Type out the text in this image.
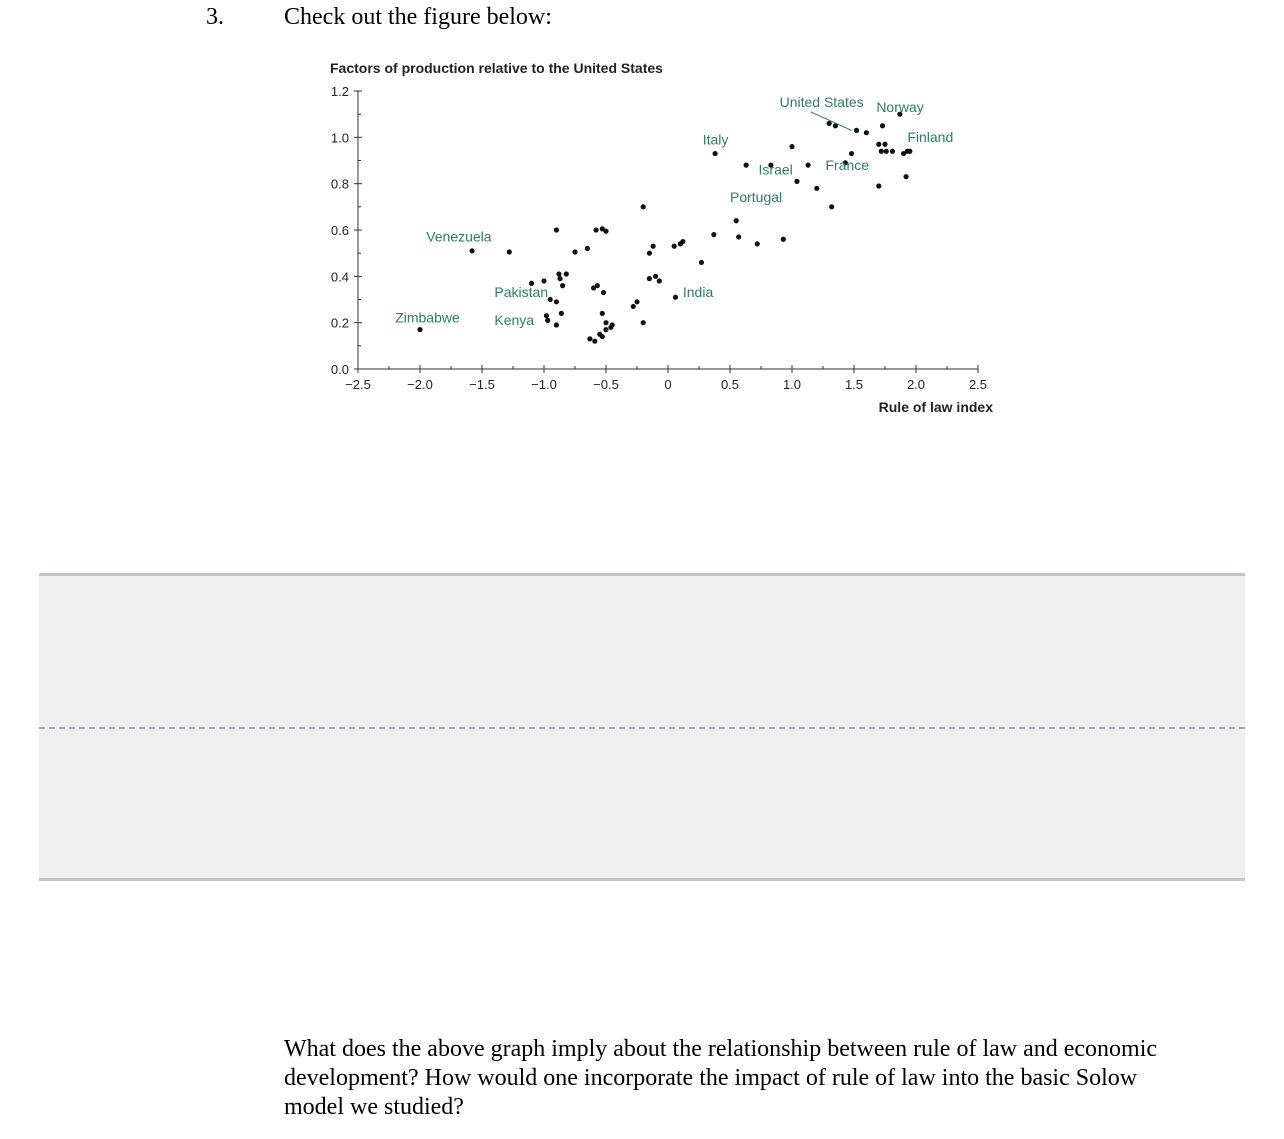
3.	Check out the figure below:
Factors of production relative to the United States
0.0
0.2
0.4
0.6
0.8
1.0
1.2
−2.5	−2.0	−1.5	−1.0	−0.5	0	0.5	1.0	1.5	2.0	2.5
Venezuela
Zimbabwe
Pakistan
Kenya
India
Italy
Israel France
Portugal
United States Norway
Finland
Rule of law index
What does the above graph imply about the relationship between rule of law and economic development? How would one incorporate the impact of rule of law into the basic Solow model we studied?
